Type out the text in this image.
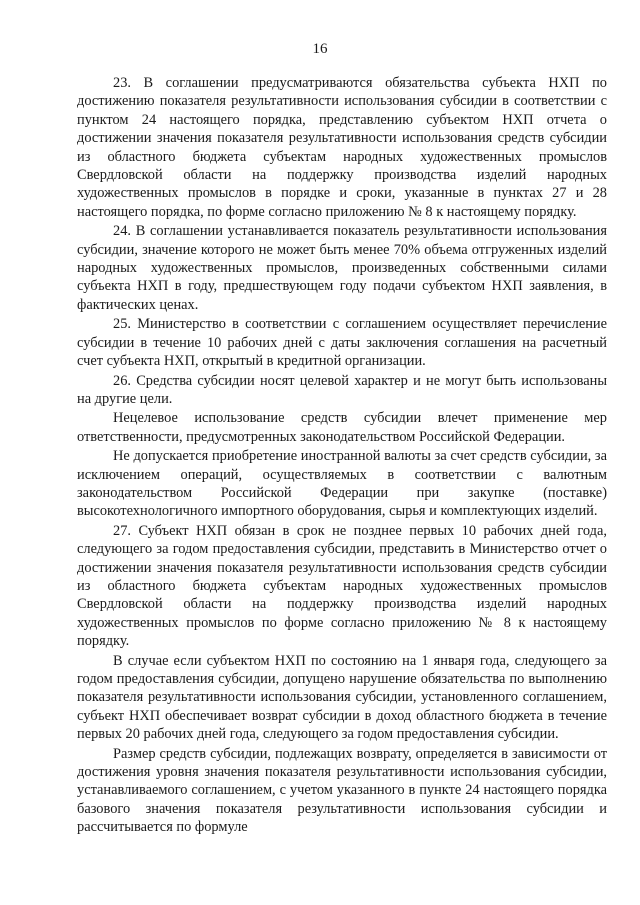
16

23. В соглашении предусматриваются обязательства субъекта НХП по достижению показателя результативности использования субсидии в соответствии с пунктом 24 настоящего порядка, представлению субъектом НХП отчета о достижении значения показателя результативности использования средств субсидии из областного бюджета субъектам народных художественных промыслов Свердловской области на поддержку производства изделий народных художественных промыслов в порядке и сроки, указанные в пунктах 27 и 28 настоящего порядка, по форме согласно приложению № 8 к настоящему порядку.

24. В соглашении устанавливается показатель результативности использования субсидии, значение которого не может быть менее 70% объема отгруженных изделий народных художественных промыслов, произведенных собственными силами субъекта НХП в году, предшествующем году подачи субъектом НХП заявления, в фактических ценах.

25. Министерство в соответствии с соглашением осуществляет перечисление субсидии в течение 10 рабочих дней с даты заключения соглашения на расчетный счет субъекта НХП, открытый в кредитной организации.

26. Средства субсидии носят целевой характер и не могут быть использованы на другие цели.

Нецелевое использование средств субсидии влечет применение мер ответственности, предусмотренных законодательством Российской Федерации.

Не допускается приобретение иностранной валюты за счет средств субсидии, за исключением операций, осуществляемых в соответствии с валютным законодательством Российской Федерации при закупке (поставке) высокотехнологичного импортного оборудования, сырья и комплектующих изделий.

27. Субъект НХП обязан в срок не позднее первых 10 рабочих дней года, следующего за годом предоставления субсидии, представить в Министерство отчет о достижении значения показателя результативности использования средств субсидии из областного бюджета субъектам народных художественных промыслов Свердловской области на поддержку производства изделий народных художественных промыслов по форме согласно приложению № 8 к настоящему порядку.

В случае если субъектом НХП по состоянию на 1 января года, следующего за годом предоставления субсидии, допущено нарушение обязательства по выполнению показателя результативности использования субсидии, установленного соглашением, субъект НХП обеспечивает возврат субсидии в доход областного бюджета в течение первых 20 рабочих дней года, следующего за годом предоставления субсидии.

Размер средств субсидии, подлежащих возврату, определяется в зависимости от достижения уровня значения показателя результативности использования субсидии, устанавливаемого соглашением, с учетом указанного в пункте 24 настоящего порядка базового значения показателя результативности использования субсидии и рассчитывается по формуле
